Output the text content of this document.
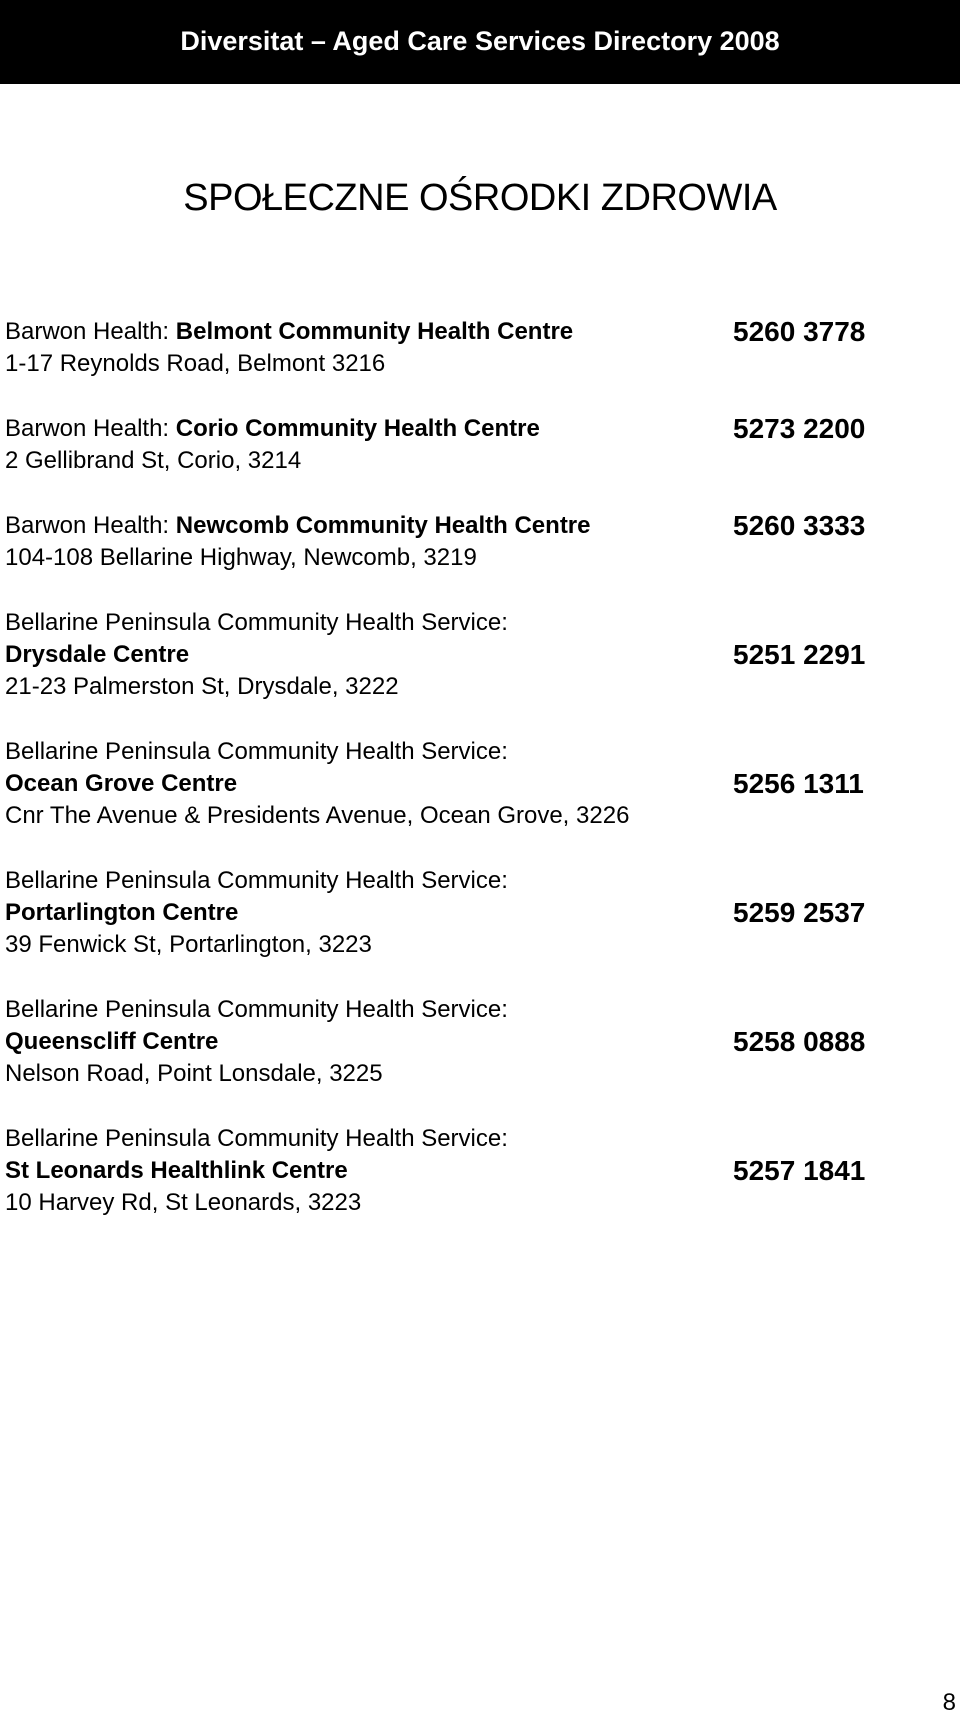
Diversitat – Aged Care Services Directory 2008
SPOŁECZNE OŚRODKI ZDROWIA
Barwon Health: Belmont Community Health Centre	5260 3778
1-17 Reynolds Road, Belmont 3216
Barwon Health: Corio Community Health Centre	5273 2200
2 Gellibrand St, Corio, 3214
Barwon Health: Newcomb Community Health Centre	5260 3333
104-108 Bellarine Highway, Newcomb, 3219
Bellarine Peninsula Community Health Service:
Drysdale Centre	5251 2291
21-23 Palmerston St, Drysdale, 3222
Bellarine Peninsula Community Health Service:
Ocean Grove Centre	5256 1311
Cnr The Avenue & Presidents Avenue, Ocean Grove, 3226
Bellarine Peninsula Community Health Service:
Portarlington Centre	5259 2537
39 Fenwick St, Portarlington, 3223
Bellarine Peninsula Community Health Service:
Queenscliff Centre	5258 0888
Nelson Road, Point Lonsdale, 3225
Bellarine Peninsula Community Health Service:
St Leonards Healthlink Centre	5257 1841
10 Harvey Rd, St Leonards, 3223
8
